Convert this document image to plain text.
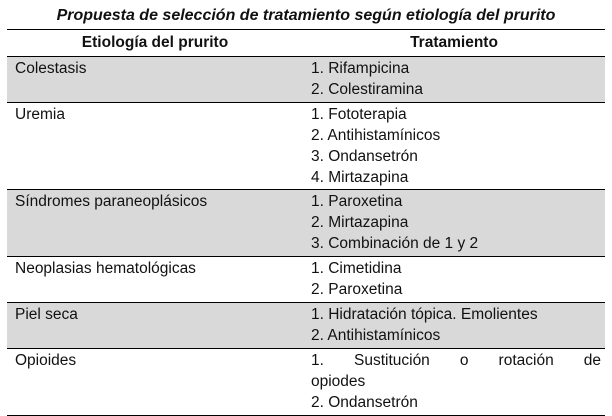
Propuesta de selección de tratamiento según etiología del prurito
Etiología del prurito	Tratamiento
Colestasis	1. Rifampicina
2. Colestiramina

Uremia	1. Fototerapia
2. Antihistamínicos
3. Ondansetrón
4. Mirtazapina

Síndromes paraneoplásicos	1. Paroxetina
2. Mirtazapina
3. Combinación de 1 y 2

Neoplasias hematológicas	1. Cimetidina
2. Paroxetina

Piel seca	1. Hidratación tópica. Emolientes
2. Antihistamínicos

Opioides	1. Sustitución o rotación de
opiodes
2. Ondansetrón
